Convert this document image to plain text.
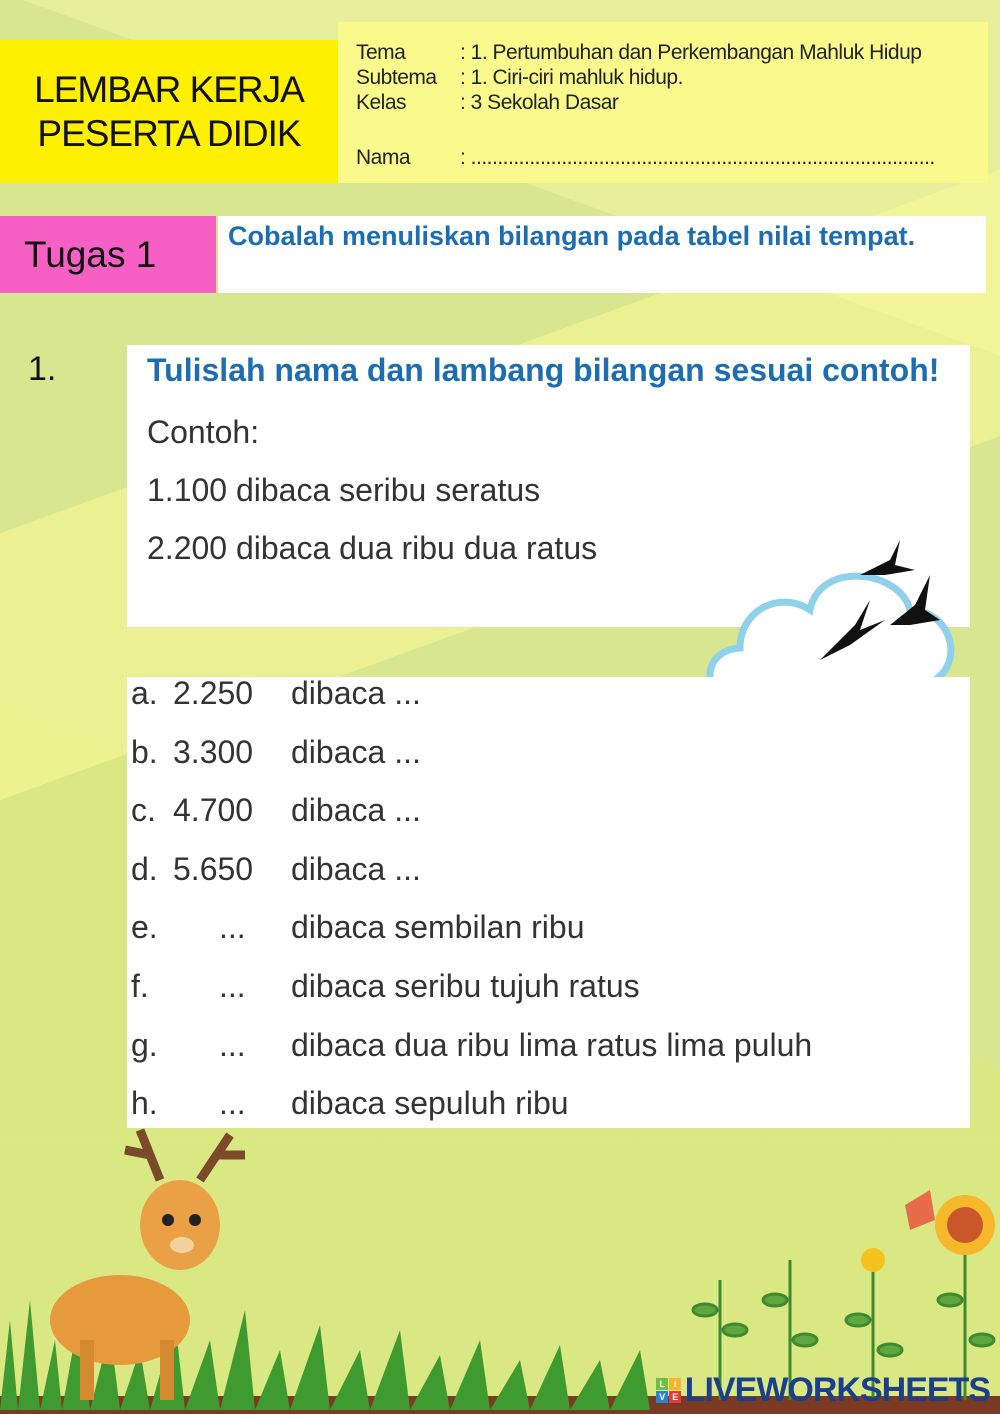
LEMBAR KERJA
PESERTA DIDIK
Tema	: 1. Pertumbuhan dan Perkembangan Mahluk Hidup
Subtema	: 1. Ciri-ciri mahluk hidup.
Kelas	: 3 Sekolah Dasar
Nama	: .......................................................................................
Tugas 1	Cobalah menuliskan bilangan pada tabel nilai tempat.
1.	Tulislah nama dan lambang bilangan sesuai contoh!
Contoh:
1.100 dibaca seribu seratus
2.200 dibaca dua ribu dua ratus
a. 2.250	dibaca ...
b. 3.300	dibaca ...
c. 4.700	dibaca ...
d. 5.650	dibaca ...
e.	...	dibaca sembilan ribu
f.	...	dibaca seribu tujuh ratus
g.	...	dibaca dua ribu lima ratus lima puluh
h.	...	dibaca sepuluh ribu
L	I
V E LIVEWORKSHEETS
